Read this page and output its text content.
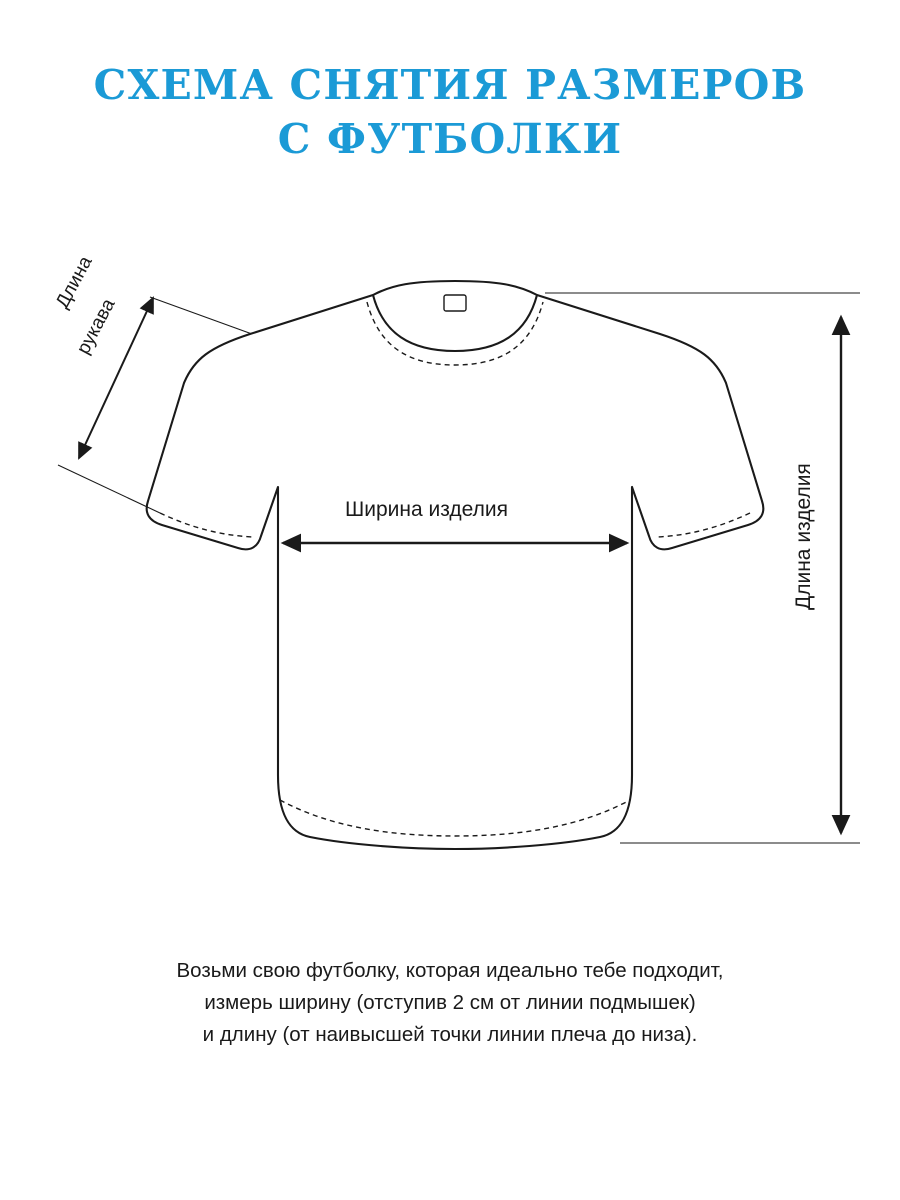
СХЕМА СНЯТИЯ РАЗМЕРОВ
С ФУТБОЛКИ
Ширина изделия	Длина изделия
Длина
рукава

Возьми свою футболку, которая идеально тебе подходит,

измерь ширину (отступив 2 см от линии подмышек)

и длину (от наивысшей точки линии плеча до низа).
